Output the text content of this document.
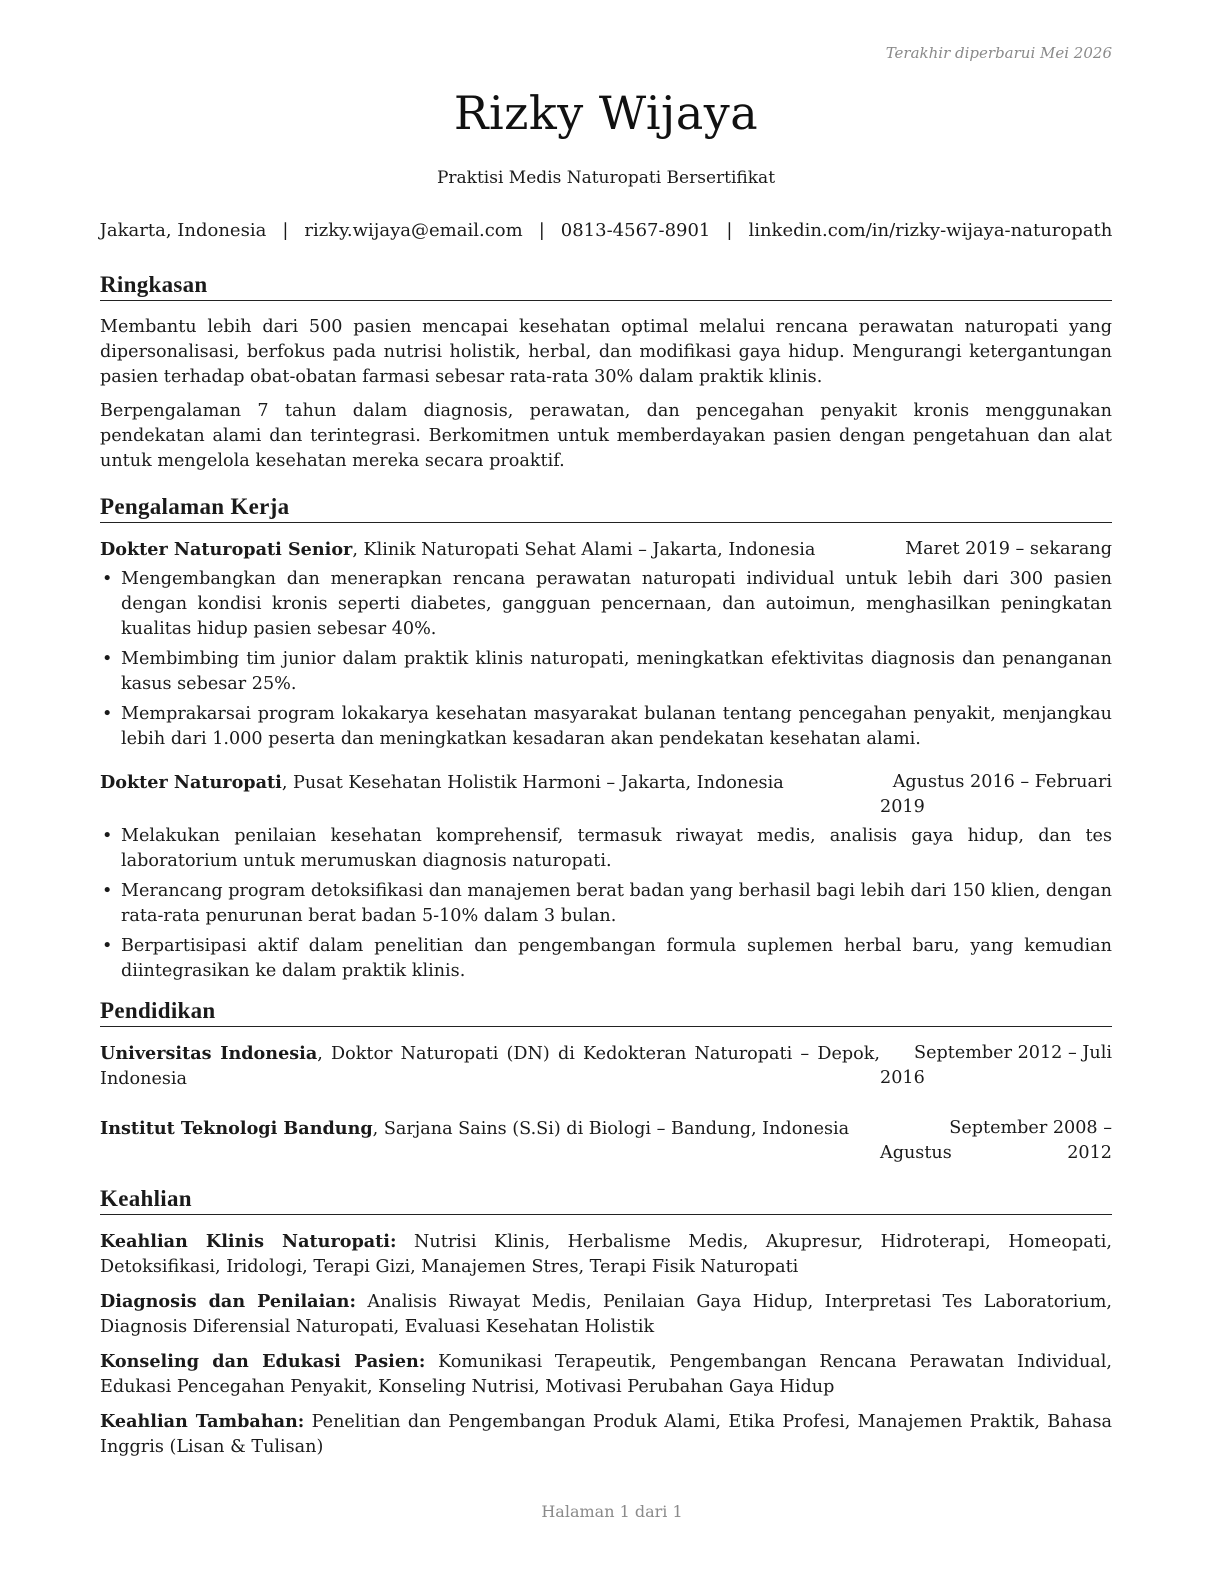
Terakhir diperbarui Mei 2026
Rizky Wijaya
Praktisi Medis Naturopati Bersertifikat
Jakarta, Indonesia | rizky.wijaya@email.com | 0813-4567-8901 | linkedin.com/in/rizky-wijaya-naturopath
Ringkasan

Membantu lebih dari 500 pasien mencapai kesehatan optimal melalui rencana perawatan naturopati yang dipersonalisasi, berfokus pada nutrisi holistik, herbal, dan modifikasi gaya hidup. Mengurangi ketergantungan pasien terhadap obat-obatan farmasi sebesar rata-rata 30% dalam praktik klinis.

Berpengalaman 7 tahun dalam diagnosis, perawatan, dan pencegahan penyakit kronis menggunakan pendekatan alami dan terintegrasi. Berkomitmen untuk memberdayakan pasien dengan pengetahuan dan alat untuk mengelola kesehatan mereka secara proaktif.

Pengalaman Kerja
Dokter Naturopati Senior, Klinik Naturopati Sehat Alami – Jakarta, Indonesia	Maret 2019 – sekarang
• Mengembangkan dan menerapkan rencana perawatan naturopati individual untuk lebih dari 300 pasien dengan kondisi kronis seperti diabetes, gangguan pencernaan, dan autoimun, menghasilkan peningkatan kualitas hidup pasien sebesar 40%.
• Membimbing tim junior dalam praktik klinis naturopati, meningkatkan efektivitas diagnosis dan penanganan kasus sebesar 25%.
• Memprakarsai program lokakarya kesehatan masyarakat bulanan tentang pencegahan penyakit, menjangkau lebih dari 1.000 peserta dan meningkatkan kesadaran akan pendekatan kesehatan alami.
Dokter Naturopati, Pusat Kesehatan Holistik Harmoni – Jakarta, Indonesia	Agustus 2016 – Februari 2019
• Melakukan penilaian kesehatan komprehensif, termasuk riwayat medis, analisis gaya hidup, dan tes laboratorium untuk merumuskan diagnosis naturopati.
• Merancang program detoksifikasi dan manajemen berat badan yang berhasil bagi lebih dari 150 klien, dengan rata-rata penurunan berat badan 5-10% dalam 3 bulan.
• Berpartisipasi aktif dalam penelitian dan pengembangan formula suplemen herbal baru, yang kemudian diintegrasikan ke dalam praktik klinis.
Pendidikan
Universitas Indonesia, Doktor Naturopati (DN) di Kedokteran Naturopati – Depok, Indonesia
September 2012 – Juli 2016
Institut Teknologi Bandung, Sarjana Sains (S.Si) di Biologi – Bandung, Indonesia	September 2008 – Agustus 2012
Keahlian

Keahlian Klinis Naturopati: Nutrisi Klinis, Herbalisme Medis, Akupresur, Hidroterapi, Homeopati, Detoksifikasi, Iridologi, Terapi Gizi, Manajemen Stres, Terapi Fisik Naturopati

Diagnosis dan Penilaian: Analisis Riwayat Medis, Penilaian Gaya Hidup, Interpretasi Tes Laboratorium, Diagnosis Diferensial Naturopati, Evaluasi Kesehatan Holistik

Konseling dan Edukasi Pasien: Komunikasi Terapeutik, Pengembangan Rencana Perawatan Individual, Edukasi Pencegahan Penyakit, Konseling Nutrisi, Motivasi Perubahan Gaya Hidup

Keahlian Tambahan: Penelitian dan Pengembangan Produk Alami, Etika Profesi, Manajemen Praktik, Bahasa Inggris (Lisan & Tulisan)

Halaman 1 dari 1
